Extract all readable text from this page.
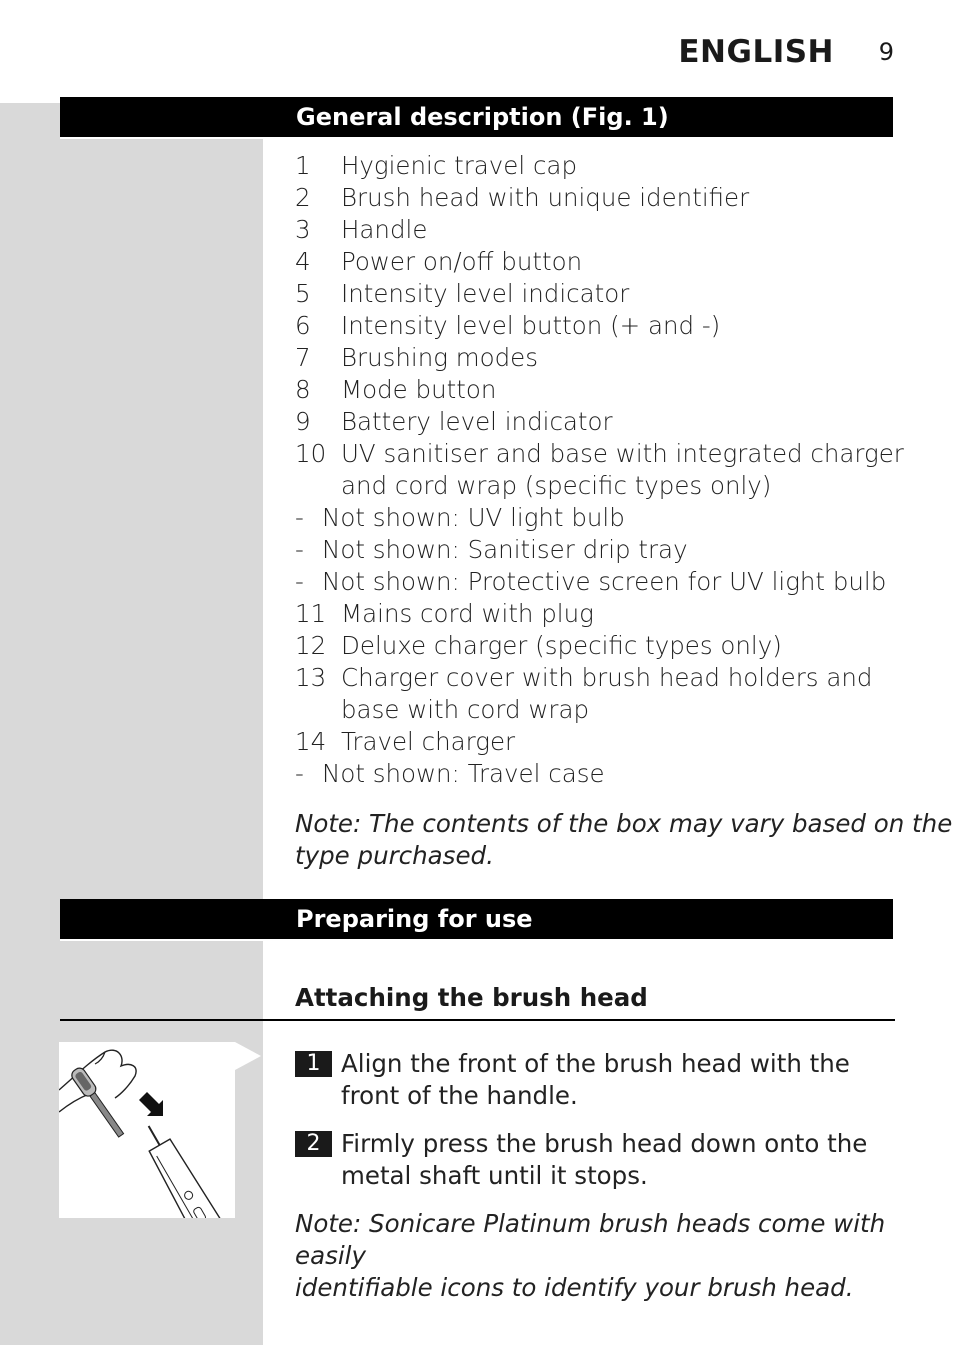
ENGLISH 9
General description (Fig. 1)
1	Hygienic travel cap
2	Brush head with unique identifier
3	Handle
4	Power on/off button
5	Intensity level indicator
6	Intensity level button (+ and -)
7	Brushing modes
8	Mode button
9	Battery level indicator
10 UV sanitiser and base with integrated charger
and cord wrap (specific types only)
- Not shown: UV light bulb
- Not shown: Sanitiser drip tray
- Not shown: Protective screen for UV light bulb
11 Mains cord with plug
12 Deluxe charger (specific types only)
13 Charger cover with brush head holders and
base with cord wrap
14 Travel charger
- Not shown: Travel case
Note: The contents of the box may vary based on the
type purchased.
Preparing for use
Attaching the brush head
1 Align the front of the brush head with the
front of the handle.
2 Firmly press the brush head down onto the
metal shaft until it stops.
Note: Sonicare Platinum brush heads come with easily
identifiable icons to identify your brush head.
